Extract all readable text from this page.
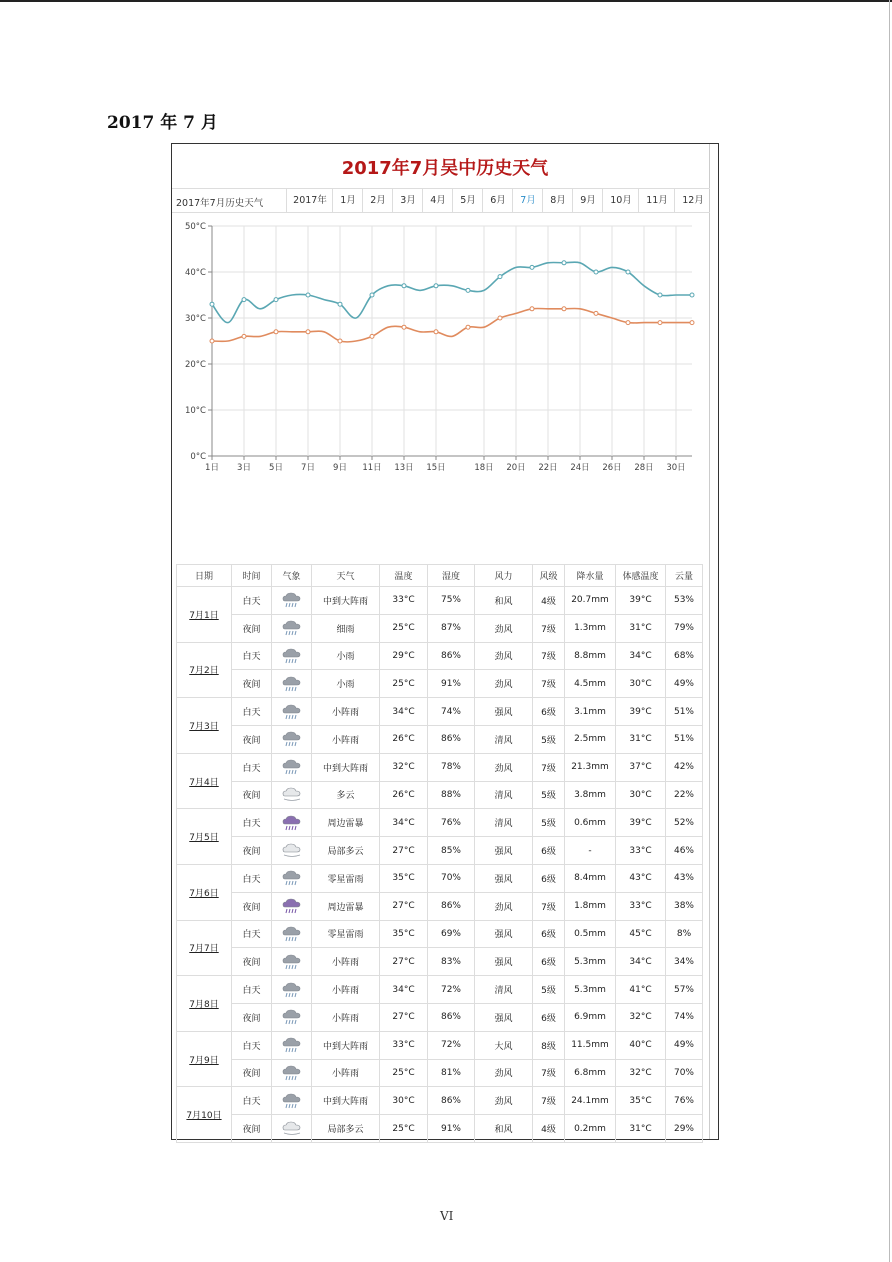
2017 年 7 月
2017年7月吴中历史天气
2017年7月历史天气	2017年	1月	2月	3月	4月	5月	6月	7月	8月	9月	10月	11月	12月
0°C
10°C
20°C
30°C
40°C
50°C
1日 3日 5日 7日 9日 11日 13日 15日	18日 20日 22日 24日 26日 28日 30日
日期	时间	气象	天气	温度	湿度	风力	风级	降水量	体感温度	云量
7月1日	白天		中到大阵雨	33°C	75%	和风	4级	20.7mm	39°C	53%
	夜间		细雨	25°C	87%	劲风	7级	1.3mm	31°C	79%
7月2日	白天		小雨	29°C	86%	劲风	7级	8.8mm	34°C	68%
	夜间		小雨	25°C	91%	劲风	7级	4.5mm	30°C	49%
7月3日	白天		小阵雨	34°C	74%	强风	6级	3.1mm	39°C	51%
	夜间		小阵雨	26°C	86%	清风	5级	2.5mm	31°C	51%
7月4日	白天		中到大阵雨	32°C	78%	劲风	7级	21.3mm	37°C	42%
	夜间		多云	26°C	88%	清风	5级	3.8mm	30°C	22%
7月5日	白天		周边雷暴	34°C	76%	清风	5级	0.6mm	39°C	52%
	夜间		局部多云	27°C	85%	强风	6级	-	33°C	46%
7月6日	白天		零星雷雨	35°C	70%	强风	6级	8.4mm	43°C	43%
	夜间		周边雷暴	27°C	86%	劲风	7级	1.8mm	33°C	38%
7月7日	白天		零星雷雨	35°C	69%	强风	6级	0.5mm	45°C	8%
	夜间		小阵雨	27°C	83%	强风	6级	5.3mm	34°C	34%
7月8日	白天		小阵雨	34°C	72%	清风	5级	5.3mm	41°C	57%
	夜间		小阵雨	27°C	86%	强风	6级	6.9mm	32°C	74%
7月9日	白天		中到大阵雨	33°C	72%	大风	8级	11.5mm	40°C	49%
	夜间		小阵雨	25°C	81%	劲风	7级	6.8mm	32°C	70%
7月10日	白天		中到大阵雨	30°C	86%	劲风	7级	24.1mm	35°C	76%
	夜间		局部多云	25°C	91%	和风	4级	0.2mm	31°C	29%
VI
